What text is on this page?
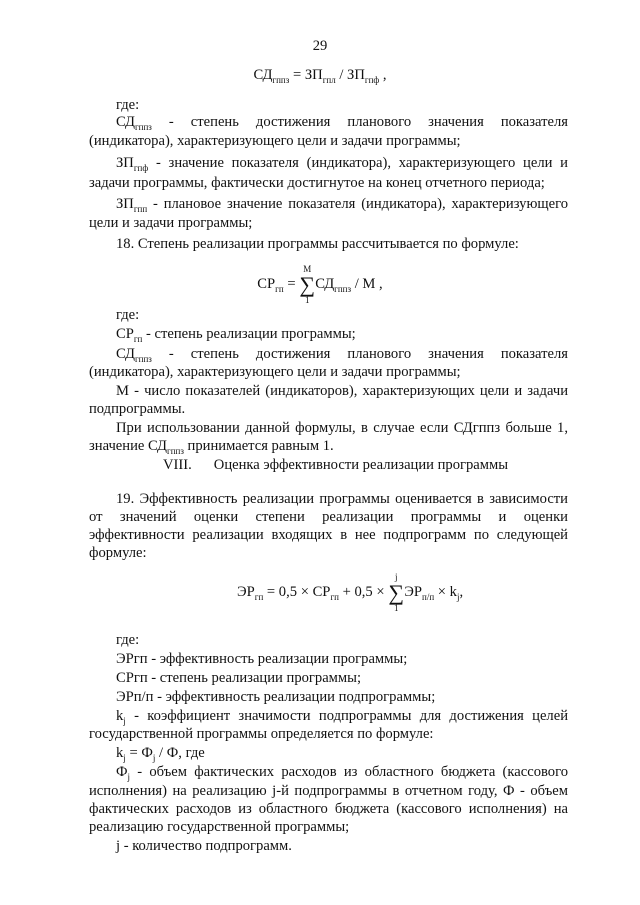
29
$СД_{гппз} = ЗП_{гпл} / ЗП_{гпф}$ ,
где:
$СД_{гппз}$ - степень достижения планового значения показателя
(индикатора), характеризующего цели и задачи программы;
$ЗП_{гпф}$ - значение показателя (индикатора), характеризующего цели и
задачи программы, фактически достигнутое на конец отчетного периода;
$ЗП_{гпп}$ - плановое значение показателя (индикатора), характеризующего
цели и задачи программы;
18. Степень реализации программы рассчитывается по формуле:
$СР_{гп}$ =
M
∑
1
$СД_{гппз}$ / M ,
где:
$СР_{гп}$ - степень реализации программы;
$СД_{гппз}$ - степень достижения планового значения показателя
(индикатора), характеризующего цели и задачи программы;
М - число показателей (индикаторов), характеризующих цели и задачи
подпрограммы.
При использовании данной формулы, в случае если СДгппз больше 1,
значение $СД_{гппз}$ принимается равным 1.
VIII. Оценка эффективности реализации программы
19. Эффективность реализации программы оценивается в зависимости
от значений оценки степени реализации программы и оценки
эффективности реализации входящих в нее подпрограмм по следующей
формуле:
$ЭР_{гп} = 0,5 \times СР_{гп} + 0,5$ ×
j
∑
1
$ЭР_{п/п} \times k_j$,
где:
ЭРгп - эффективность реализации программы;
СРгп - степень реализации программы;
ЭРп/п - эффективность реализации подпрограммы;
$k_j$ - коэффициент значимости подпрограммы для достижения целей
государственной программы определяется по формуле:
$k_j = Ф_j / Ф$, где
$Ф_j$ - объем фактических расходов из областного бюджета (кассового
исполнения) на реализацию j-й подпрограммы в отчетном году, Ф - объем
фактических расходов из областного бюджета (кассового исполнения) на
реализацию государственной программы;
j - количество подпрограмм.
